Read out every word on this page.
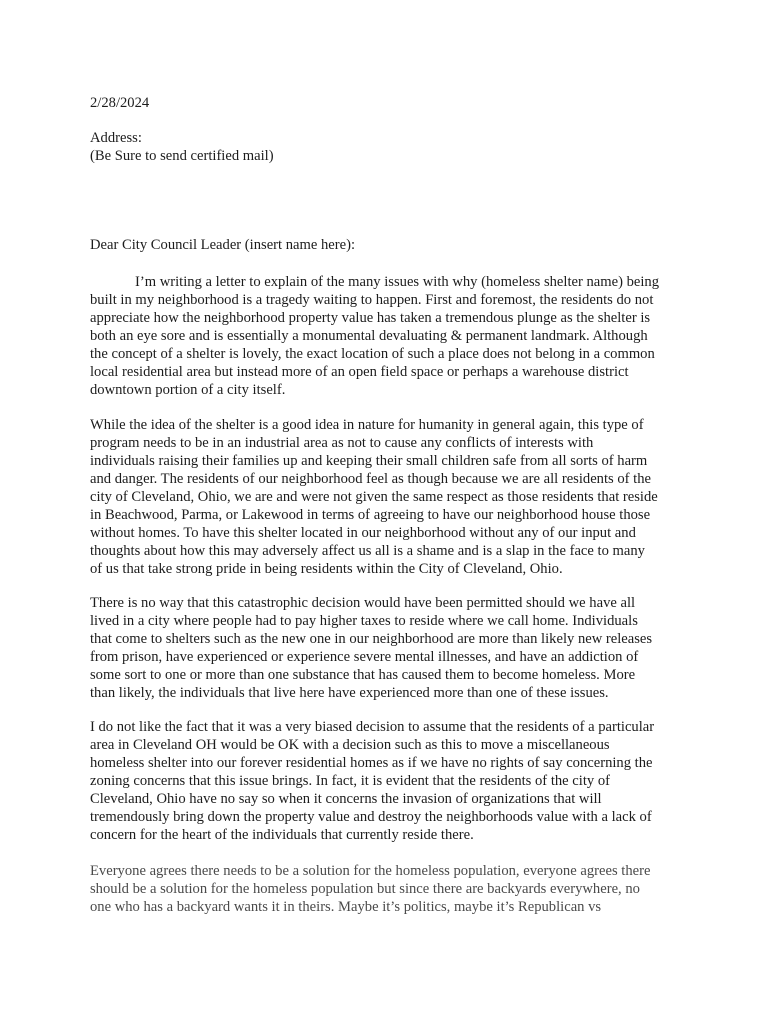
2/28/2024
Address:
(Be Sure to send certified mail)
Dear City Council Leader (insert name here):
I’m writing a letter to explain of the many issues with why (homeless shelter name) being
built in my neighborhood is a tragedy waiting to happen. First and foremost, the residents do not
appreciate how the neighborhood property value has taken a tremendous plunge as the shelter is
both an eye sore and is essentially a monumental devaluating & permanent landmark. Although
the concept of a shelter is lovely, the exact location of such a place does not belong in a common
local residential area but instead more of an open field space or perhaps a warehouse district
downtown portion of a city itself.
While the idea of the shelter is a good idea in nature for humanity in general again, this type of
program needs to be in an industrial area as not to cause any conflicts of interests with
individuals raising their families up and keeping their small children safe from all sorts of harm
and danger. The residents of our neighborhood feel as though because we are all residents of the
city of Cleveland, Ohio, we are and were not given the same respect as those residents that reside
in Beachwood, Parma, or Lakewood in terms of agreeing to have our neighborhood house those
without homes. To have this shelter located in our neighborhood without any of our input and
thoughts about how this may adversely affect us all is a shame and is a slap in the face to many
of us that take strong pride in being residents within the City of Cleveland, Ohio.
There is no way that this catastrophic decision would have been permitted should we have all
lived in a city where people had to pay higher taxes to reside where we call home. Individuals
that come to shelters such as the new one in our neighborhood are more than likely new releases
from prison, have experienced or experience severe mental illnesses, and have an addiction of
some sort to one or more than one substance that has caused them to become homeless. More
than likely, the individuals that live here have experienced more than one of these issues.
I do not like the fact that it was a very biased decision to assume that the residents of a particular
area in Cleveland OH would be OK with a decision such as this to move a miscellaneous
homeless shelter into our forever residential homes as if we have no rights of say concerning the
zoning concerns that this issue brings. In fact, it is evident that the residents of the city of
Cleveland, Ohio have no say so when it concerns the invasion of organizations that will
tremendously bring down the property value and destroy the neighborhoods value with a lack of
concern for the heart of the individuals that currently reside there.
Everyone agrees there needs to be a solution for the homeless population, everyone agrees there
should be a solution for the homeless population but since there are backyards everywhere, no
one who has a backyard wants it in theirs. Maybe it’s politics, maybe it’s Republican vs
